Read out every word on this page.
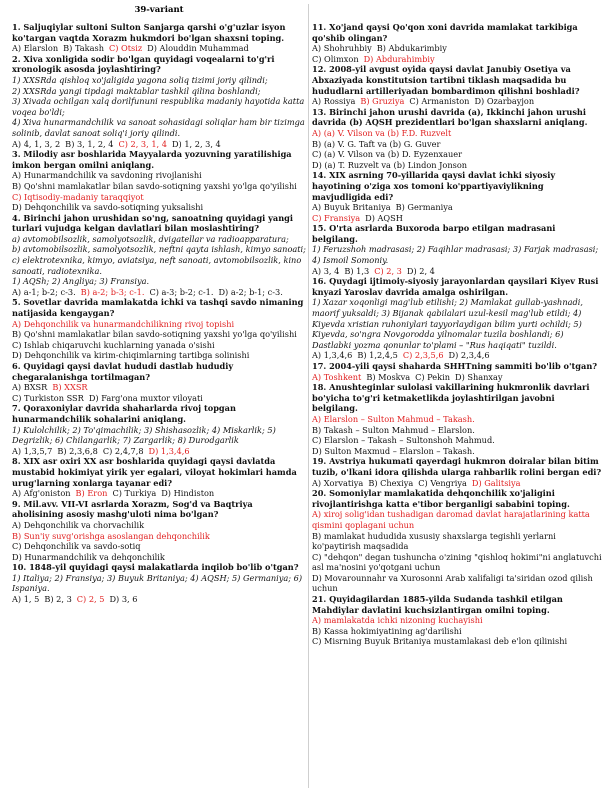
39-variant
1. Saljuqiylar sultoni Sulton Sanjarga qarshi o'g'uzlar isyon ko'targan vaqtda Xorazm hukmdori bo'lgan shaxsni toping.
A) Elarslon B) Takash C) Otsiz D) Alouddin Muhammad
2. Xiva xonligida sodir bo'lgan quyidagi voqealarni to'g'ri xronologik asosda joylashtiring?
1) XXSRda qishloq xo'jaligida yagona soliq tizimi joriy qilindi;
2) XXSRda yangi tipdagi maktablar tashkil qilina boshlandi;
3) Xivada ochilgan xalq dorilfununi respublika madaniy hayotida katta voqea bo'ldi;
4) Xiva hunarmandchilik va sanoat sohasidagi soliqlar ham bir tizimga solinib, davlat sanoat soliq'i joriy qilindi.
A) 4, 1, 3, 2 B) 3, 1, 2, 4 C) 2, 3, 1, 4 D) 1, 2, 3, 4
3. Milodiy asr boshlarida Mayyalarda yozuvning yaratilishiga imkon bergan omilni aniqlang.
A) Hunarmandchilik va savdoning rivojlanishi
B) Qo'shni mamlakatlar bilan savdo-sotiqning yaxshi yo'lga qo'yilishi
C) Iqtisodiy-madaniy taraqqiyot
D) Dehqonchilik va savdo-sotiqning yuksalishi
4. Birinchi jahon urushidan so'ng, sanoatning quyidagi yangi turlari vujudga kelgan davlatlari bilan moslashtiring?
a) avtomobilsozlik, samolyotsozlik, dvigatellar va radioapparatura;
b) avtomobilsozlik, samolyotsozlik, neftni qayta ishlash, kimyo sanoati;
c) elektrotexnika, kimyo, aviatsiya, neft sanoati, avtomobilsozlik, kino sanoati, radiotexnika.
1) AQSh; 2) Angliya; 3) Fransiya.
A) a-1; b-2; c-3. B) a-2; b-3; c-1. C) a-3; b-2; c-1. D) a-2; b-1; c-3.
5. Sovetlar davrida mamlakatda ichki va tashqi savdo nimaning natijasida kengaygan?
A) Dehqonchilik va hunarmandchilikning rivoj topishi
B) Qo'shni mamlakatlar bilan savdo-sotiqning yaxshi yo'lga qo'yilishi
C) Ishlab chiqaruvchi kuchlarning yanada o'sishi
D) Dehqonchilik va kirim-chiqimlarning tartibga solinishi
6. Quyidagi qaysi davlat hududi dastlab hududiy chegaralanishga tortilmagan?
A) BXSR B) XXSR
C) Turkiston SSR D) Farg'ona muxtor viloyati
7. Qoraxoniylar davrida shaharlarda rivoj topgan hunarmandchilik sohalarini aniqlang.
1) Kulolchilik; 2) To'qimachilik; 3) Shishasozlik; 4) Miskarlik; 5) Degrizlik; 6) Chilangarlik; 7) Zargarlik; 8) Durodgarlik
A) 1,3,5,7 B) 2,3,6,8 C) 2,4,7,8 D) 1,3,4,6
8. XIX asr oxiri XX asr boshlarida quyidagi qaysi davlatda mustabid hokimiyat yirik yer egalari, viloyat hokimlari hamda urug'larning xonlarga tayanar edi?
A) Afg'oniston B) Eron C) Turkiya D) Hindiston
9. Mil.avv. VII-VI asrlarda Xorazm, Sog'd va Baqtriya aholisining asosiy mashg'uloti nima bo'lgan?
A) Dehqonchilik va chorvachilik
B) Sun'iy suvg'orishga asoslangan dehqonchilik
C) Dehqonchilik va savdo-sotiq
D) Hunarmandchilik va dehqonchilik
10. 1848-yil quyidagi qaysi malakatlarda inqilob bo'lib o'tgan?
1) Italiya; 2) Fransiya; 3) Buyuk Britaniya; 4) AQSH; 5) Germaniya; 6) Ispaniya.
A) 1, 5 B) 2, 3 C) 2, 5 D) 3, 6
11. Xo'jand qaysi Qo'qon xoni davrida mamlakat tarkibiga qo'shib olingan?
A) Shohruhbiy B) Abdukarimbiy
C) Olimxon D) Abdurahimbiy
12. 2008-yil avgust oyida qaysi davlat Janubiy Osetiya va Abxaziyada konstitutsion tartibni tiklash maqsadida bu hududlarni artilleriyadan bombardimon qilishni boshladi?
A) Rossiya B) Gruziya C) Armaniston D) Ozarbayjon
13. Birinchi jahon urushi davrida (a), Ikkinchi jahon urushi davrida (b) AQSH prezidentlari bo'lgan shaxslarni aniqlang.
A) (a) V. Vilson va (b) F.D. Ruzvelt
B) (a) V. G. Taft va (b) G. Guver
C) (a) V. Vilson va (b) D. Eyzenxauer
D) (a) T. Ruzvelt va (b) Lindon Jonson
14. XIX asrning 70-yillarida qaysi davlat ichki siyosiy hayotining o'ziga xos tomoni ko'ppartiyaviylikning mavjudligida edi?
A) Buyuk Britaniya B) Germaniya
C) Fransiya D) AQSH
15. O'rta asrlarda Buxoroda barpo etilgan madrasani belgilang.
1) Feruzshoh madrasasi; 2) Faqihlar madrasasi; 3) Farjak madrasasi; 4) Ismoil Somoniy.
A) 3, 4 B) 1,3 C) 2, 3 D) 2, 4
16. Quydagi ijtimoiy-siyosiy jarayonlardan qaysilari Kiyev Rusi knyazi Yaroslav davrida amalga oshirilgan.
1) Xazar xoqonligi mag'lub etilishi; 2) Mamlakat gullab-yashnadi, maorif yuksaldi; 3) Bijanak qabilalari uzul-kesil mag'lub etildi; 4) Kiyevda xristian ruhoniylari tayyorlaydigan bilim yurti ochildi; 5) Kiyevda, so'ngra Novgorodda yilnomalar tuzila boshlandi; 6) Dastlabki yozma qonunlar to'plami – "Rus haqiqati" tuzildi.
A) 1,3,4,6 B) 1,2,4,5 C) 2,3,5,6 D) 2,3,4,6
17. 2004-yili qaysi shaharda SHHTning sammiti bo'lib o'tgan?
A) Toshkent B) Moskva C) Pekin D) Shanxay
18. Anushteginlar sulolasi vakillarining hukmronlik davrlari bo'yicha to'g'ri ketmaketlikda joylashtirilgan javobni belgilang.
A) Elarslon – Sulton Mahmud – Takash.
B) Takash – Sulton Mahmud – Elarslon.
C) Elarslon – Takash – Sultonshoh Mahmud.
D) Sulton Maxmud – Elarslon – Takash.
19. Avstriya hukumati qayerdagi hukmron doiralar bilan bitim tuzib, o'lkani idora qilishda ularga rahbarlik rolini bergan edi?
A) Xorvatiya B) Chexiya C) Vengriya D) Galitsiya
20. Somoniylar mamlakatida dehqonchilik xo'jaligini rivojlantirishga katta e'tibor berganligi sababini toping.
A) xiroj solig'idan tushadigan daromad davlat harajatlarining katta qismini qoplagani uchun
B) mamlakat hududida xususiy shaxslarga tegishli yerlarni ko'paytirish maqsadida
C) "dehqon" degan tushuncha o'zining "qishloq hokimi"ni anglatuvchi asl ma'nosini yo'qotgani uchun
D) Movarounnahr va Xurosonni Arab xalifaligi ta'siridan ozod qilish uchun
21. Quyidagilardan 1885-yilda Sudanda tashkil etilgan Mahdiylar davlatini kuchsizlantirgan omilni toping.
A) mamlakatda ichki nizoning kuchayishi
B) Kassa hokimiyatining ag'darilishi
C) Misrning Buyuk Britaniya mustamlakasi deb e'lon qilinishi
